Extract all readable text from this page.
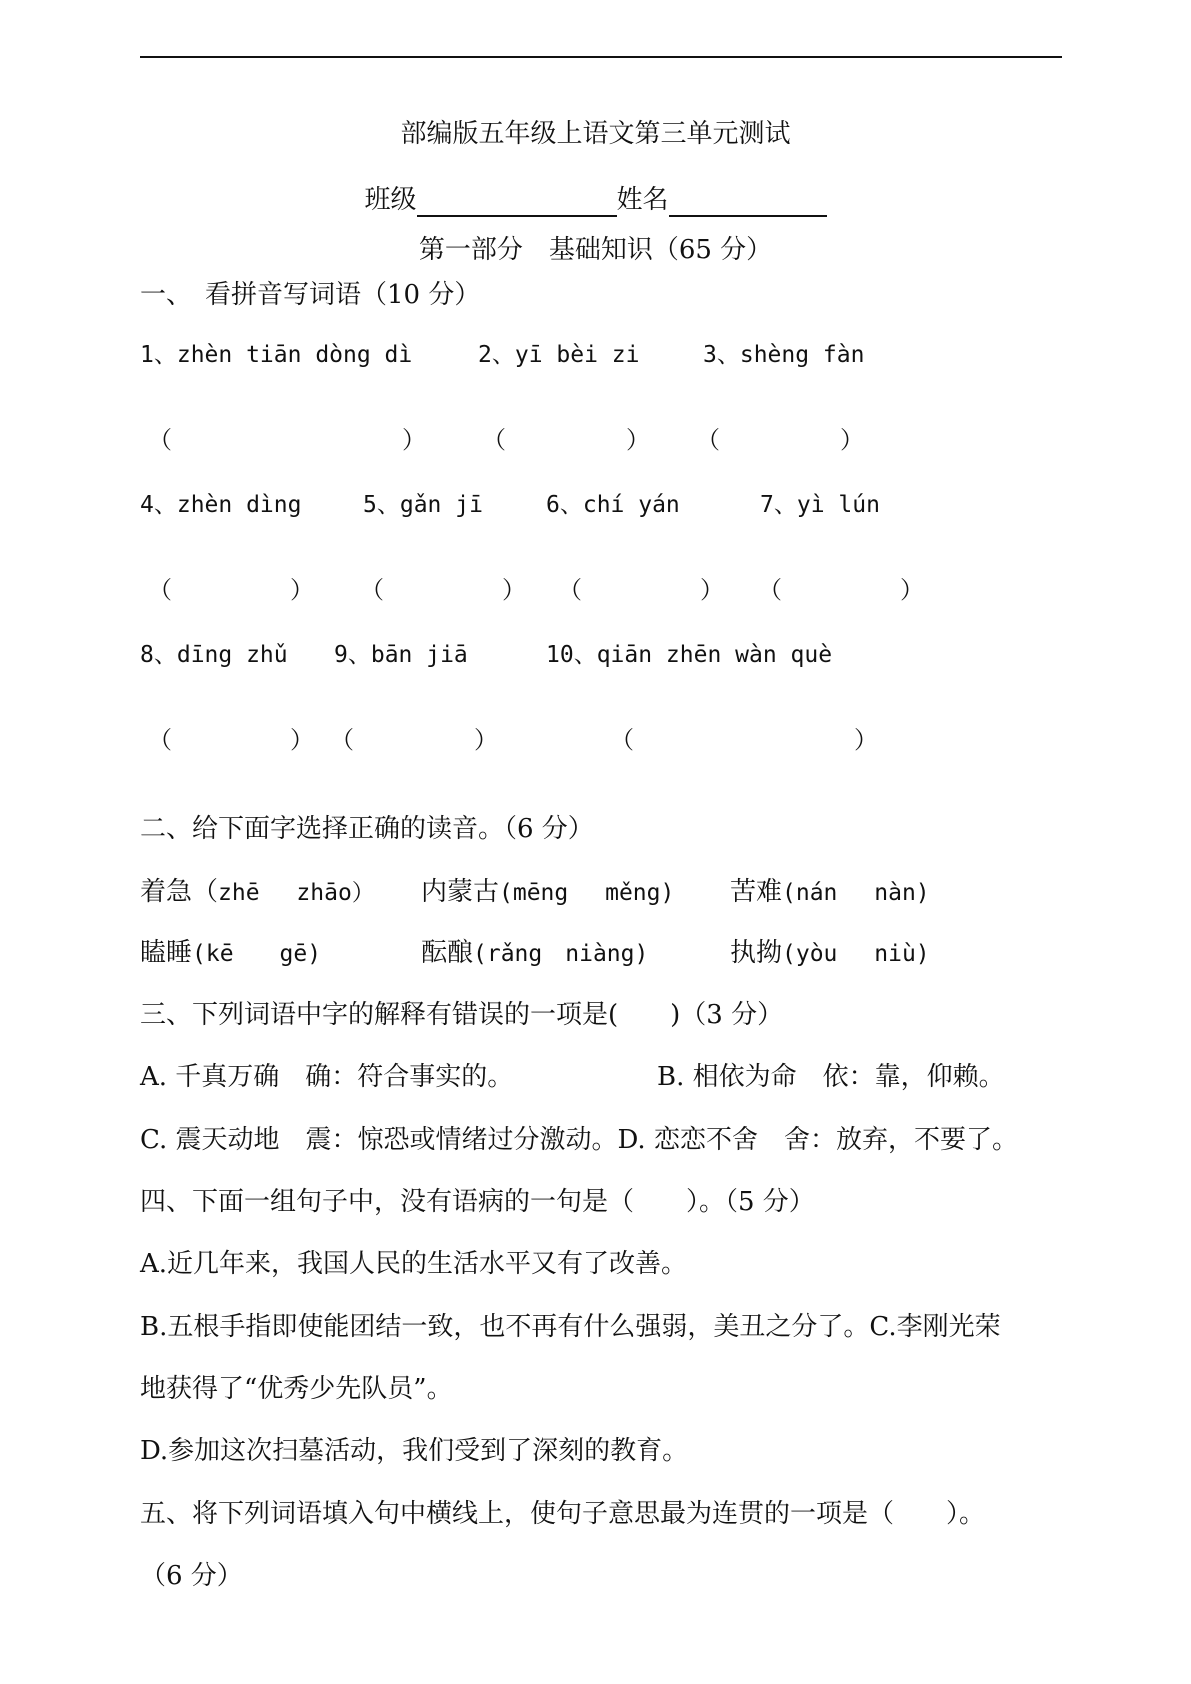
部编版五年级上语文第三单元测试
班级	姓名
第一部分　基础知识（65 分）
一、　看拼音写词语（10 分）
1、zhèn tiān dòng dì	2、yī bèi zi	3、shèng fàn
（	） （	） （	）
4、zhèn dìng	5、gǎn jī	6、chí yán	7、yì lún
（	） （	） （	） （	）
8、dīng zhǔ 9、bān jiā	10、qiān zhēn wàn què
（	） （	）	（	）
二、给下面字选择正确的读音。（6 分）
着急（zhē　 zhāo） 内蒙古(mēng　 měng) 苦难(nán　 nàn)
瞌睡(kē　　gē)	酝酿(rǎng　niàng)	执拗(yòu　 niù)
三、下列词语中字的解释有错误的一项是(　　)（3 分）
A. 千真万确　确：符合事实的。	B. 相依为命　依：靠，仰赖。
C. 震天动地　震：惊恐或情绪过分激动。D. 恋恋不舍　舍：放弃，不要了。
四、下面一组句子中，没有语病的一句是（　　）。（5 分）
A.近几年来，我国人民的生活水平又有了改善。
B.五根手指即使能团结一致，也不再有什么强弱，美丑之分了。C.李刚光荣
地获得了“优秀少先队员”。
D.参加这次扫墓活动，我们受到了深刻的教育。
五、将下列词语填入句中横线上，使句子意思最为连贯的一项是（　　）。
（6 分）
